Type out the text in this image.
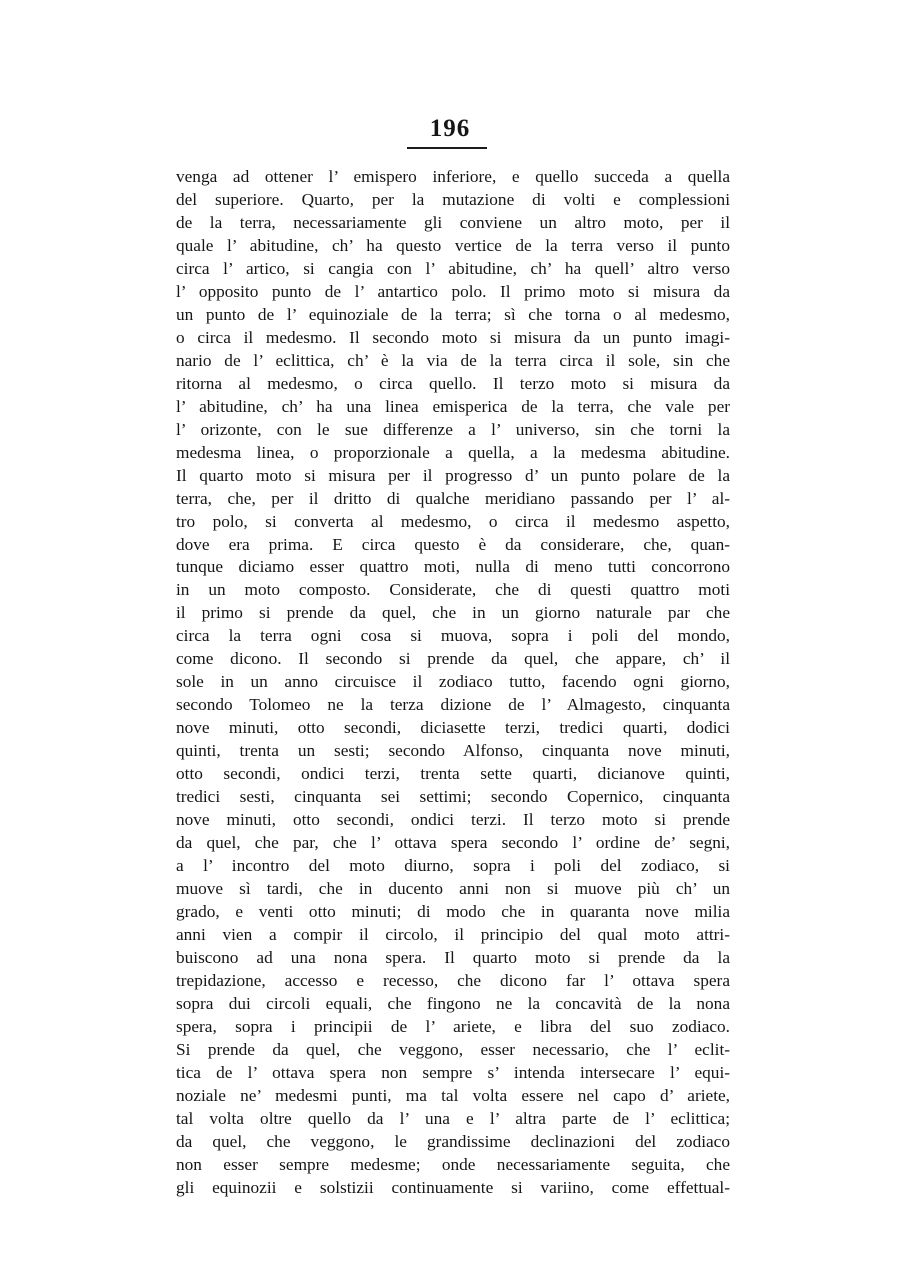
196
venga ad ottener l’ emispero inferiore, e quello succeda a quella
del superiore. Quarto, per la mutazione di volti e complessioni
de la terra, necessariamente gli conviene un altro moto, per il
quale l’ abitudine, ch’ ha questo vertice de la terra verso il punto
circa l’ artico, si cangia con l’ abitudine, ch’ ha quell’ altro verso
l’ opposito punto de l’ antartico polo. Il primo moto si misura da
un punto de l’ equinoziale de la terra; sì che torna o al medesmo,
o circa il medesmo. Il secondo moto si misura da un punto imagi-
nario de l’ eclittica, ch’ è la via de la terra circa il sole, sin che
ritorna al medesmo, o circa quello. Il terzo moto si misura da
l’ abitudine, ch’ ha una linea emisperica de la terra, che vale per
l’ orizonte, con le sue differenze a l’ universo, sin che torni la
medesma linea, o proporzionale a quella, a la medesma abitudine.
Il quarto moto si misura per il progresso d’ un punto polare de la
terra, che, per il dritto di qualche meridiano passando per l’ al-
tro polo, si converta al medesmo, o circa il medesmo aspetto,
dove era prima. E circa questo è da considerare, che, quan-
tunque diciamo esser quattro moti, nulla di meno tutti concorrono
in un moto composto. Considerate, che di questi quattro moti
il primo si prende da quel, che in un giorno naturale par che
circa la terra ogni cosa si muova, sopra i poli del mondo,
come dicono. Il secondo si prende da quel, che appare, ch’ il
sole in un anno circuisce il zodiaco tutto, facendo ogni giorno,
secondo Tolomeo ne la terza dizione de l’ Almagesto, cinquanta
nove minuti, otto secondi, diciasette terzi, tredici quarti, dodici
quinti, trenta un sesti; secondo Alfonso, cinquanta nove minuti,
otto secondi, ondici terzi, trenta sette quarti, dicianove quinti,
tredici sesti, cinquanta sei settimi; secondo Copernico, cinquanta
nove minuti, otto secondi, ondici terzi. Il terzo moto si prende
da quel, che par, che l’ ottava spera secondo l’ ordine de’ segni,
a l’ incontro del moto diurno, sopra i poli del zodiaco, si
muove sì tardi, che in ducento anni non si muove più ch’ un
grado, e venti otto minuti; di modo che in quaranta nove milia
anni vien a compir il circolo, il principio del qual moto attri-
buiscono ad una nona spera. Il quarto moto si prende da la
trepidazione, accesso e recesso, che dicono far l’ ottava spera
sopra dui circoli equali, che fingono ne la concavità de la nona
spera, sopra i principii de l’ ariete, e libra del suo zodiaco.
Si prende da quel, che veggono, esser necessario, che l’ eclit-
tica de l’ ottava spera non sempre s’ intenda intersecare l’ equi-
noziale ne’ medesmi punti, ma tal volta essere nel capo d’ ariete,
tal volta oltre quello da l’ una e l’ altra parte de l’ eclittica;
da quel, che veggono, le grandissime declinazioni del zodiaco
non esser sempre medesme; onde necessariamente seguita, che
gli equinozii e solstizii continuamente si variino, come effettual-
